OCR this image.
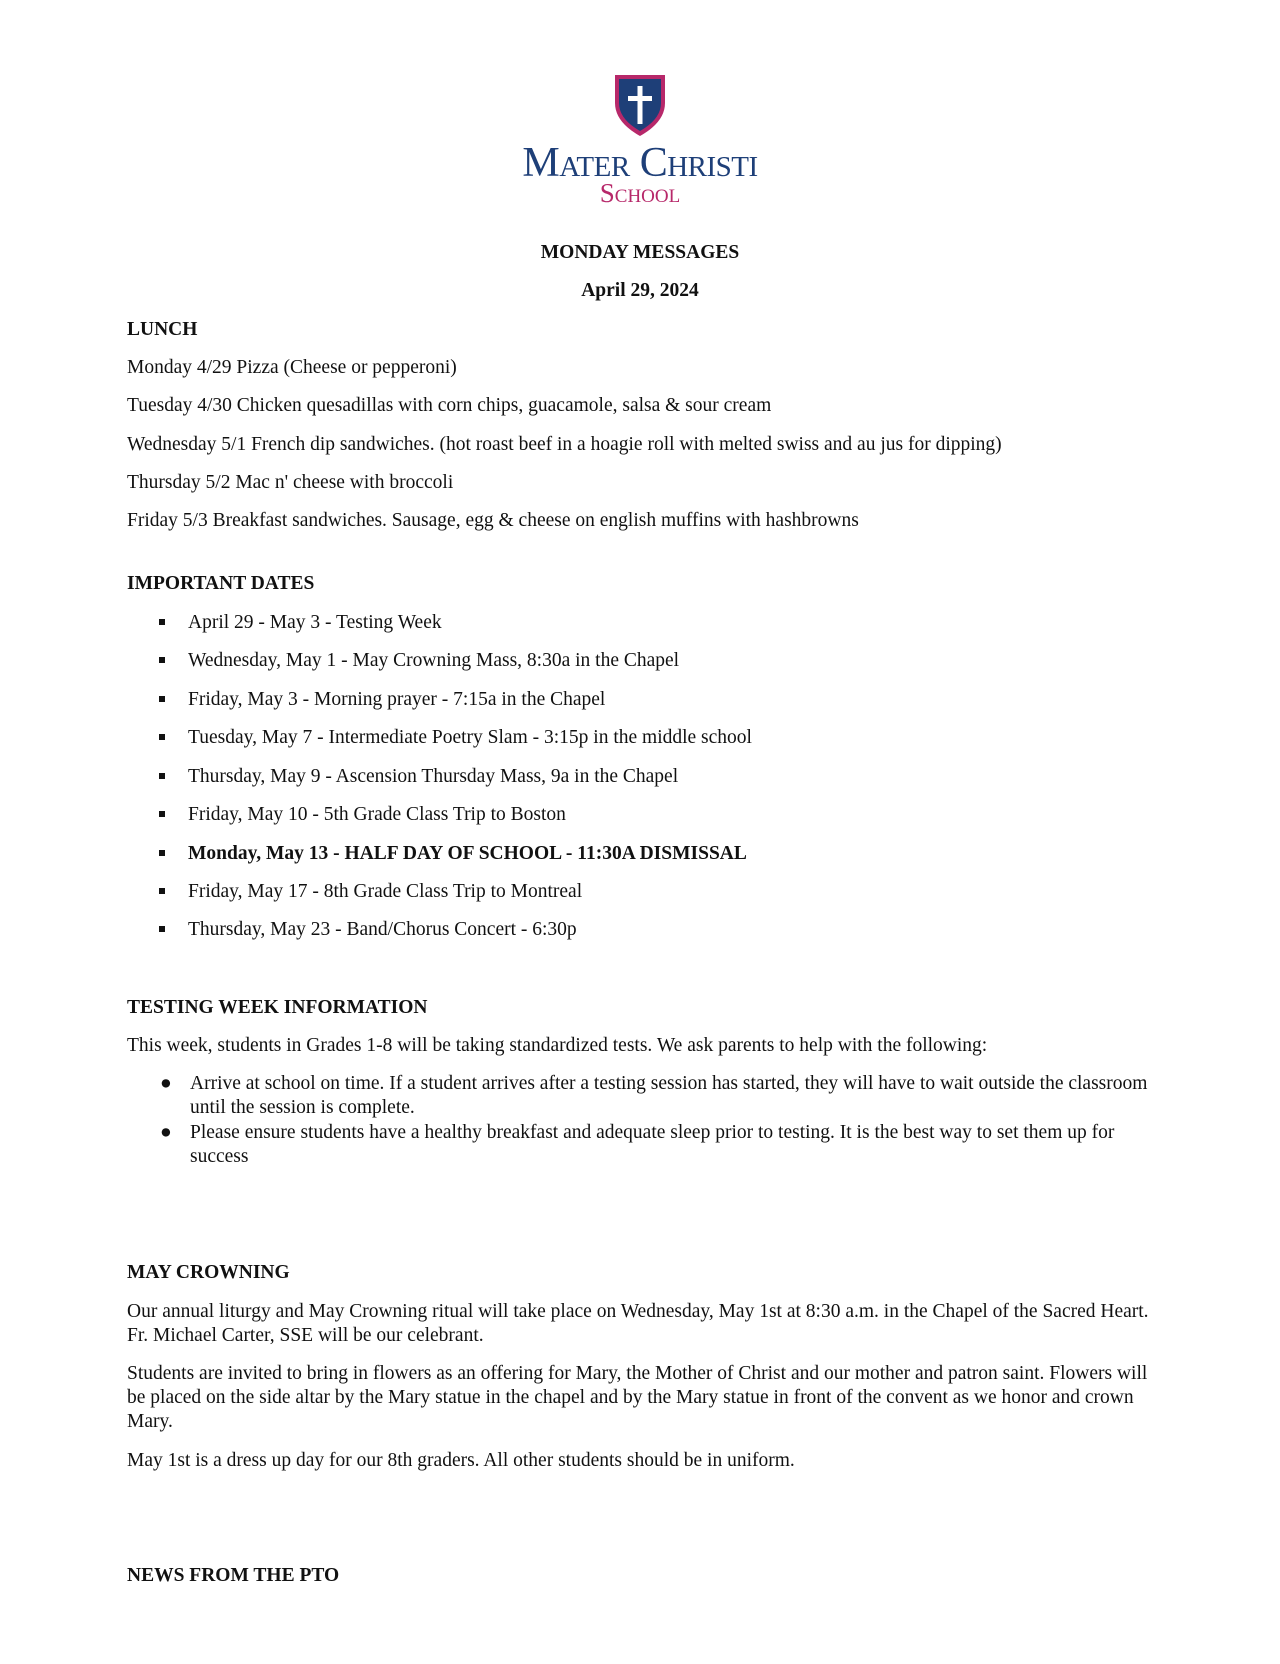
Mater Christi
School
MONDAY MESSAGES
April 29, 2024
LUNCH
Monday 4/29 Pizza (Cheese or pepperoni)
Tuesday 4/30 Chicken quesadillas with corn chips, guacamole, salsa & sour cream
Wednesday 5/1 French dip sandwiches. (hot roast beef in a hoagie roll with melted swiss and au jus for dipping)
Thursday 5/2 Mac n' cheese with broccoli
Friday 5/3 Breakfast sandwiches. Sausage, egg & cheese on english muffins with hashbrowns
IMPORTANT DATES
April 29 - May 3 - Testing Week
Wednesday, May 1 - May Crowning Mass, 8:30a in the Chapel
Friday, May 3 - Morning prayer - 7:15a in the Chapel
Tuesday, May 7 - Intermediate Poetry Slam - 3:15p in the middle school
Thursday, May 9 - Ascension Thursday Mass, 9a in the Chapel
Friday, May 10 - 5th Grade Class Trip to Boston
Monday, May 13 - HALF DAY OF SCHOOL - 11:30A DISMISSAL
Friday, May 17 - 8th Grade Class Trip to Montreal
Thursday, May 23 - Band/Chorus Concert - 6:30p
TESTING WEEK INFORMATION
This week, students in Grades 1-8 will be taking standardized tests. We ask parents to help with the following:
● Arrive at school on time. If a student arrives after a testing session has started, they will have to wait outside the classroom until the session is complete.
● Please ensure students have a healthy breakfast and adequate sleep prior to testing. It is the best way to set them up for success
MAY CROWNING
Our annual liturgy and May Crowning ritual will take place on Wednesday, May 1st at 8:30 a.m. in the Chapel of the Sacred Heart. Fr. Michael Carter, SSE will be our celebrant.
Students are invited to bring in flowers as an offering for Mary, the Mother of Christ and our mother and patron saint. Flowers will be placed on the side altar by the Mary statue in the chapel and by the Mary statue in front of the convent as we honor and crown Mary.
May 1st is a dress up day for our 8th graders. All other students should be in uniform.
NEWS FROM THE PTO
